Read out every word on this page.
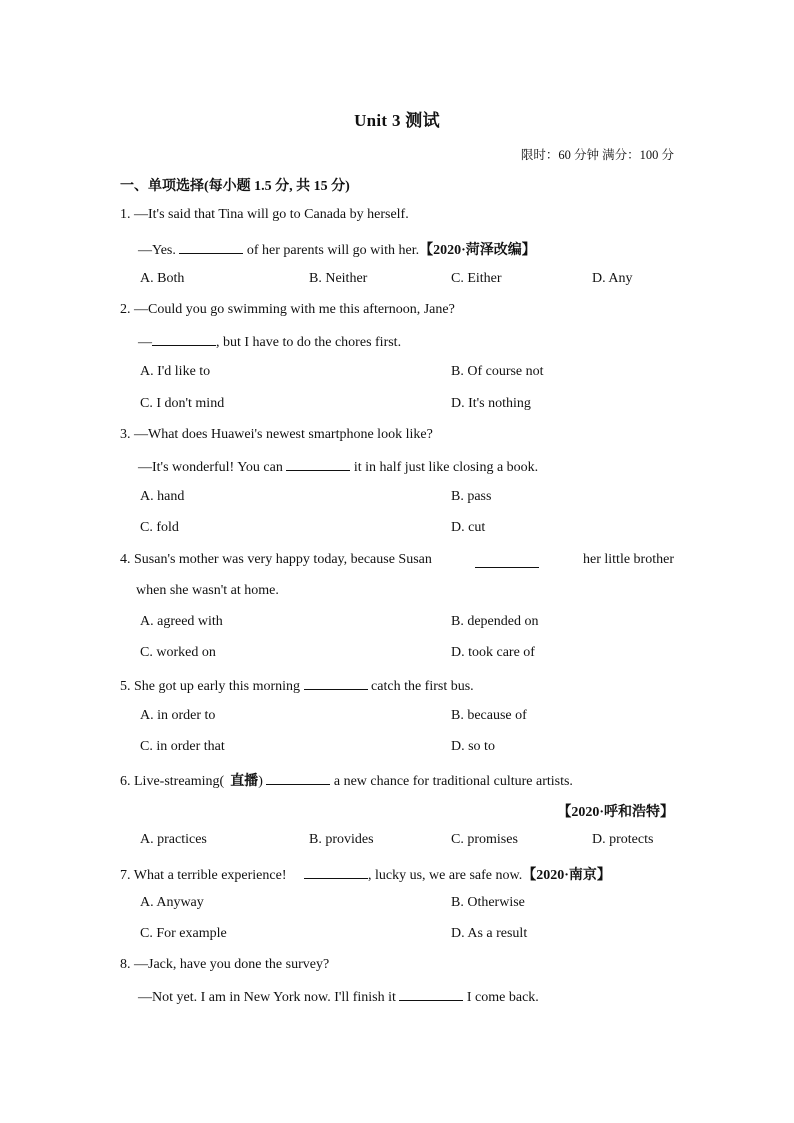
Unit 3 测试
限时：60 分钟 满分：100 分
一、单项选择(每小题 1.5 分, 共 15 分)
1. —It's said that Tina will go to Canada by herself.
—Yes.	of her parents will go with her.【2020·菏泽改编】
A. Both	B. Neither	C. Either	D. Any
2. —Could you go swimming with me this afternoon, Jane?
—	, but I have to do the chores first.
A. I'd like to	B. Of course not
C. I don't mind	D. It's nothing
3. —What does Huawei's newest smartphone look like?
—It's wonderful! You can	it in half just like closing a book.
A. hand	B. pass
C. fold	D. cut
4. Susan's mother was very happy today, because Susan	her little brother
when she wasn't at home.
A. agreed with	B. depended on
C. worked on	D. took care of
5. She got up early this morning	catch the first bus.
A. in order to	B. because of
C. in order that	D. so to
6. Live-streaming( 直播)	a new chance for traditional culture artists.
【2020·呼和浩特】
A. practices	B. provides	C. promises	D. protects
7. What a terrible experience!	, lucky us, we are safe now.【2020·南京】
A. Anyway	B. Otherwise
C. For example	D. As a result
8. —Jack, have you done the survey?
—Not yet. I am in New York now. I'll finish it	I come back.
